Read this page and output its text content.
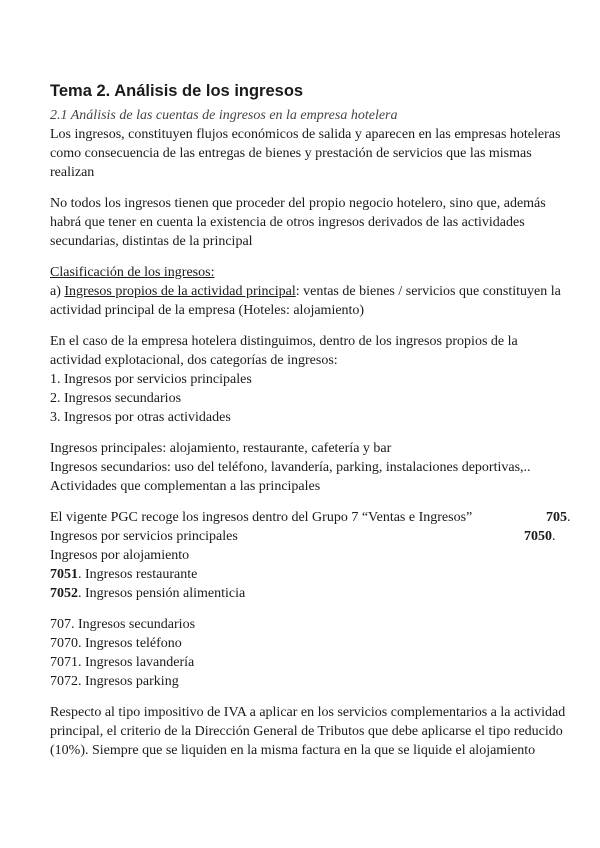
Tema 2. Análisis de los ingresos

2.1 Análisis de las cuentas de ingresos en la empresa hotelera

Los ingresos, constituyen flujos económicos de salida y aparecen en las empresas hoteleras

como consecuencia de las entregas de bienes y prestación de servicios que las mismas

realizan

No todos los ingresos tienen que proceder del propio negocio hotelero, sino que, además

habrá que tener en cuenta la existencia de otros ingresos derivados de las actividades

secundarias, distintas de la principal

Clasificación de los ingresos:

a) Ingresos propios de la actividad principal: ventas de bienes / servicios que constituyen la

actividad principal de la empresa (Hoteles: alojamiento)

En el caso de la empresa hotelera distinguimos, dentro de los ingresos propios de la

actividad explotacional, dos categorías de ingresos:

1. Ingresos por servicios principales

2. Ingresos secundarios

3. Ingresos por otras actividades

Ingresos principales: alojamiento, restaurante, cafetería y bar

Ingresos secundarios: uso del teléfono, lavandería, parking, instalaciones deportivas,..

Actividades que complementan a las principales

El vigente PGC recoge los ingresos dentro del Grupo 7 “Ventas e Ingresos”	705.
Ingresos por servicios principales	7050.

Ingresos por alojamiento

7051. Ingresos restaurante

7052. Ingresos pensión alimenticia

707. Ingresos secundarios

7070. Ingresos teléfono

7071. Ingresos lavandería

7072. Ingresos parking

Respecto al tipo impositivo de IVA a aplicar en los servicios complementarios a la actividad

principal, el criterio de la Dirección General de Tributos que debe aplicarse el tipo reducido

(10%). Siempre que se liquiden en la misma factura en la que se liquide el alojamiento
